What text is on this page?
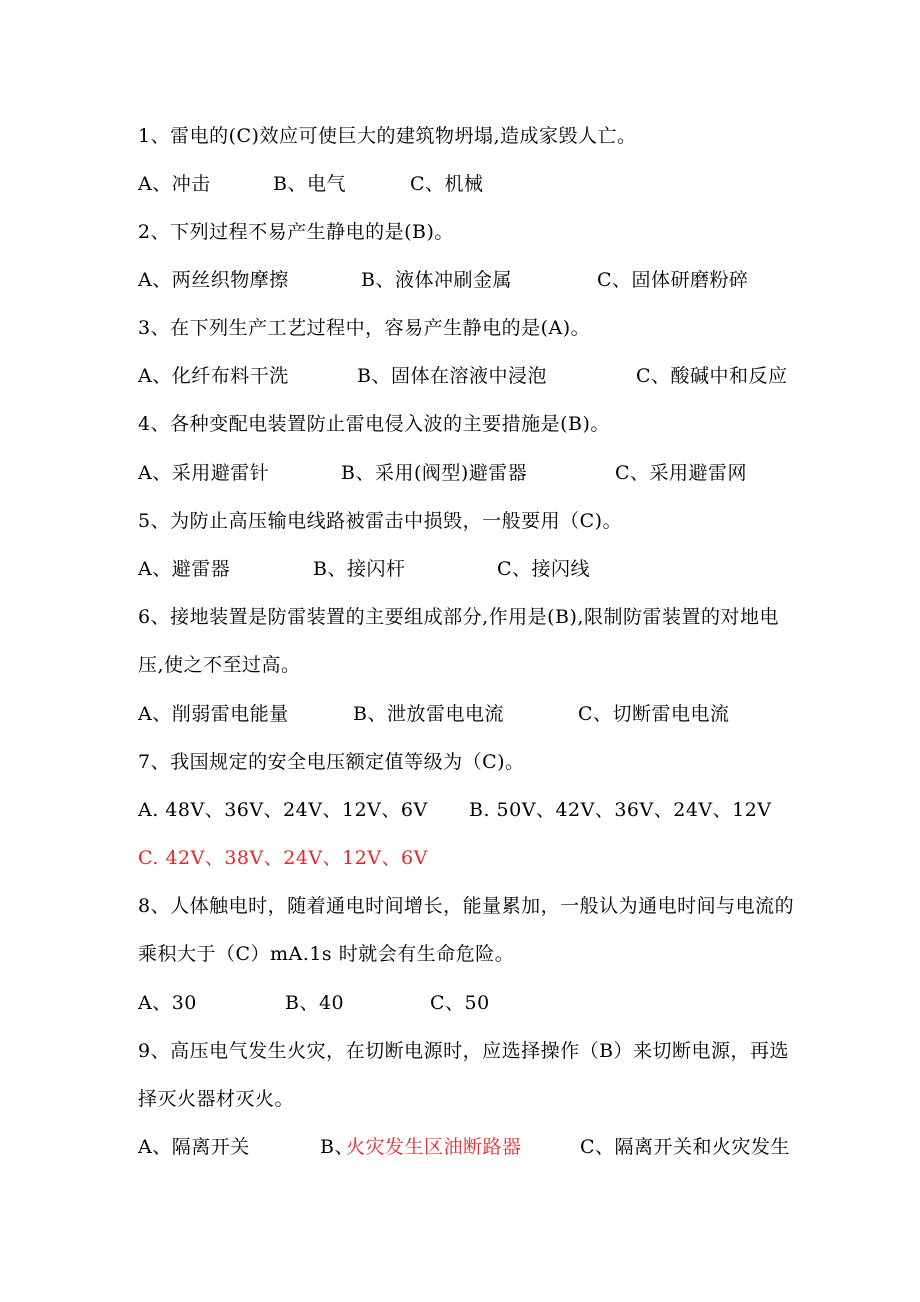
1、雷电的(C)效应可使巨大的建筑物坍塌,造成家毁人亡。
A、冲击	B、电气	C、机械
2、下列过程不易产生静电的是(B)。
A、两丝织物摩擦	B、液体冲刷金属	C、固体研磨粉碎
3、在下列生产工艺过程中，容易产生静电的是(A)。
A、化纤布料干洗	B、固体在溶液中浸泡	C、酸碱中和反应
4、各种变配电装置防止雷电侵入波的主要措施是(B)。
A、采用避雷针	B、采用(阀型)避雷器	C、采用避雷网
5、为防止高压输电线路被雷击中损毁，一般要用（C)。
A、避雷器	B、接闪杆	C、接闪线
6、接地装置是防雷装置的主要组成部分,作用是(B),限制防雷装置的对地电
压,使之不至过高。
A、削弱雷电能量	B、泄放雷电电流	C、切断雷电电流
7、我国规定的安全电压额定值等级为（C)。
A. 48V、36V、24V、12V、6V B. 50V、42V、36V、24V、12V
C. 42V、38V、24V、12V、6V
8、人体触电时，随着通电时间增长，能量累加，一般认为通电时间与电流的
乘积大于（C）mA.1s 时就会有生命危险。
A、30	B、40	C、50
9、高压电气发生火灾，在切断电源时，应选择操作（B）来切断电源，再选
择灭火器材灭火。
A、隔离开关	B、
火灾发生区油断路器	C、隔离开关和火灾发生
